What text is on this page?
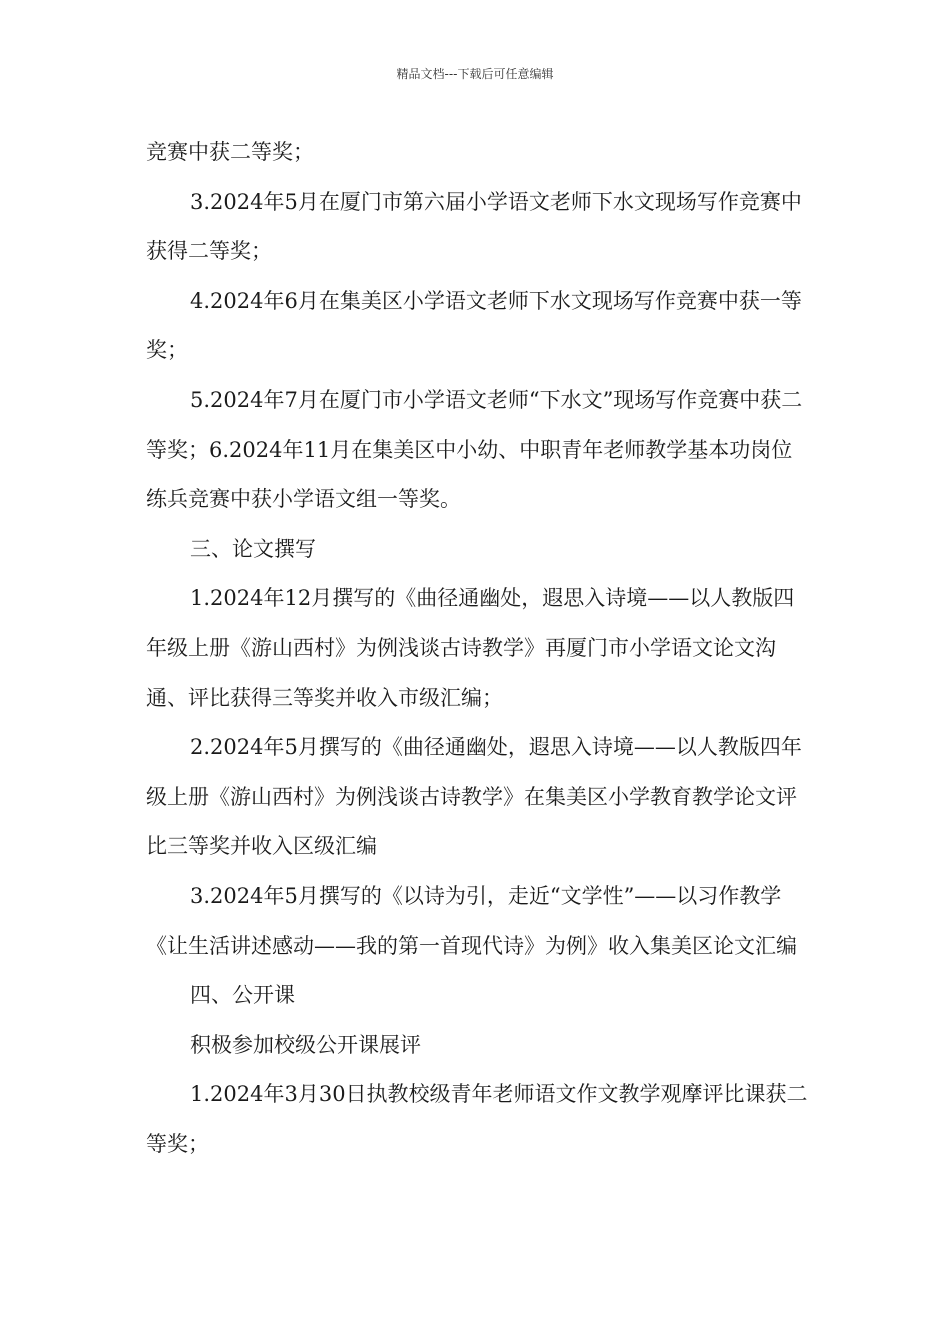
精品文档---下载后可任意编辑

竞赛中获二等奖；

3.2024年5月在厦门市第六届小学语文老师下水文现场写作竞赛中获得二等奖；

4.2024年6月在集美区小学语文老师下水文现场写作竞赛中获一等奖；

5.2024年7月在厦门市小学语文老师“下水文”现场写作竞赛中获二等奖；6.2024年11月在集美区中小幼、中职青年老师教学基本功岗位练兵竞赛中获小学语文组一等奖。

三、论文撰写

1.2024年12月撰写的《曲径通幽处，遐思入诗境——以人教版四年级上册《游山西村》为例浅谈古诗教学》再厦门市小学语文论文沟通、评比获得三等奖并收入市级汇编；

2.2024年5月撰写的《曲径通幽处，遐思入诗境——以人教版四年级上册《游山西村》为例浅谈古诗教学》在集美区小学教育教学论文评比三等奖并收入区级汇编

3.2024年5月撰写的《以诗为引，走近“文学性”——以习作教学《让生活讲述感动——我的第一首现代诗》为例》收入集美区论文汇编

四、公开课

积极参加校级公开课展评

1.2024年3月30日执教校级青年老师语文作文教学观摩评比课获二等奖；
